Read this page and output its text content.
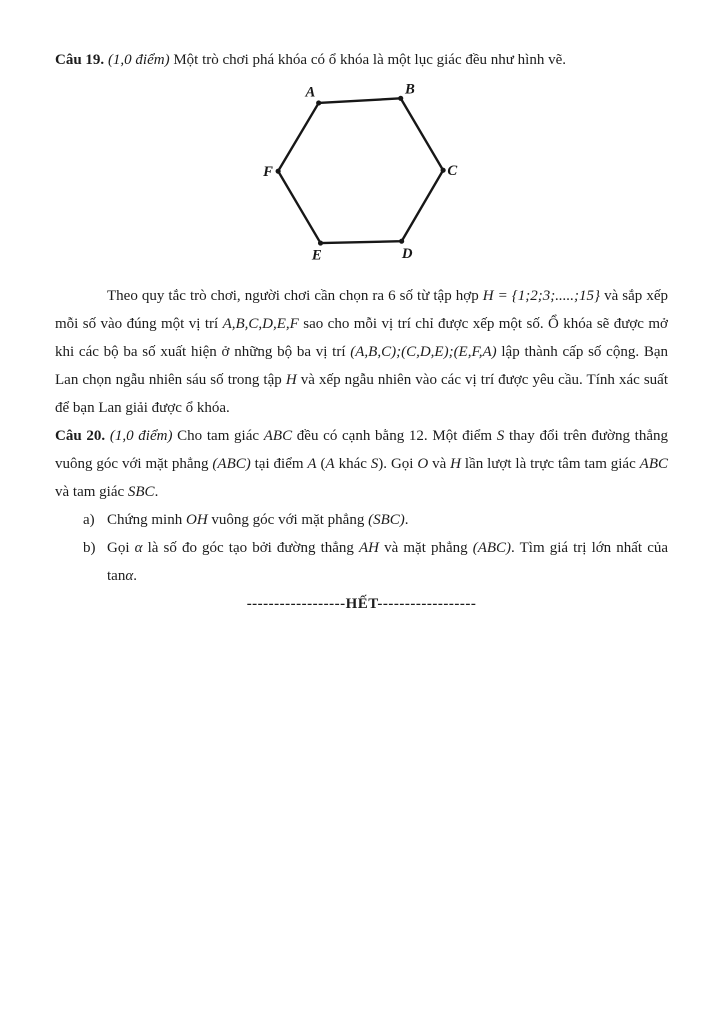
Câu 19. (1,0 điểm) Một trò chơi phá khóa có ổ khóa là một lục giác đều như hình vẽ.

A	B
C
D
E
F

Theo quy tắc trò chơi, người chơi cần chọn ra 6 số từ tập hợp H = {1;2;3;.....;15} và sắp xếp mỗi số vào đúng một vị trí A,B,C,D,E,F sao cho mỗi vị trí chỉ được xếp một số. Ổ khóa sẽ được mở khi các bộ ba số xuất hiện ở những bộ ba vị trí (A,B,C);(C,D,E);(E,F,A) lập thành cấp số cộng. Bạn Lan chọn ngẫu nhiên sáu số trong tập H và xếp ngẫu nhiên vào các vị trí được yêu cầu. Tính xác suất để bạn Lan giải được ổ khóa.

Câu 20. (1,0 điểm) Cho tam giác ABC đều có cạnh bằng 12. Một điểm S thay đổi trên đường thẳng vuông góc với mặt phẳng (ABC) tại điểm A (A khác S). Gọi O và H lần lượt là trực tâm tam giác ABC và tam giác SBC.

a) Chứng minh OH vuông góc với mặt phẳng (SBC).
b) Gọi α là số đo góc tạo bởi đường thẳng AH và mặt phẳng (ABC). Tìm giá trị lớn nhất của tanα.

------------------HẾT------------------
